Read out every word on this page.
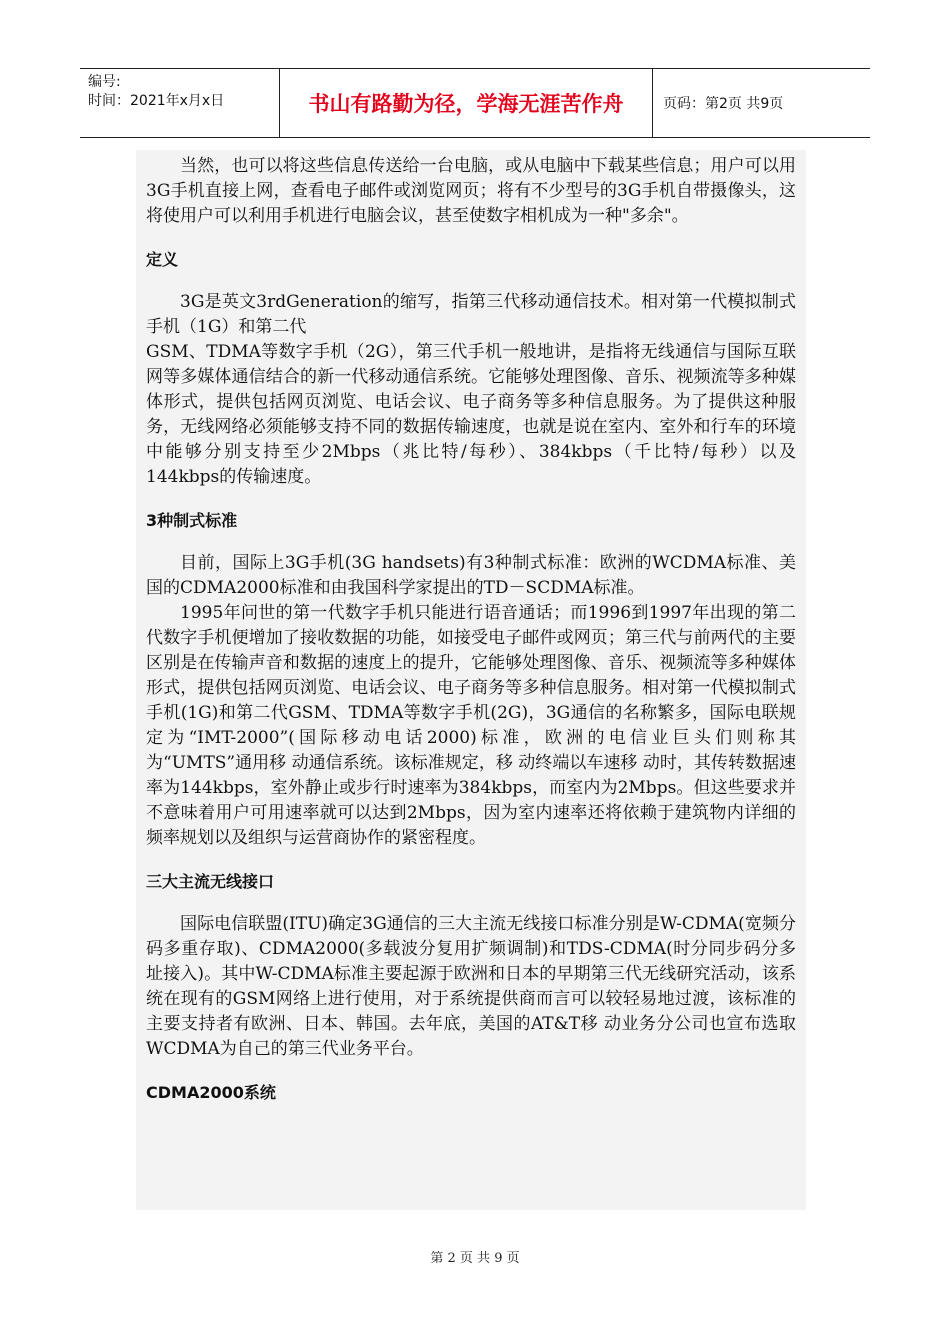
编号:
时间：2021年x月x日	书山有路勤为径，学海无涯苦作舟	页码：第2页 共9页

当然，也可以将这些信息传送给一台电脑，或从电脑中下载某些信息；用户可以用3G手机直接上网，查看电子邮件或浏览网页；将有不少型号的3G手机自带摄像头，这将使用户可以利用手机进行电脑会议，甚至使数字相机成为一种"多余"。

定义

3G是英文3rdGeneration的缩写，指第三代移动通信技术。相对第一代模拟制式手机（1G）和第二代

GSM、TDMA等数字手机（2G），第三代手机一般地讲，是指将无线通信与国际互联网等多媒体通信结合的新一代移动通信系统。它能够处理图像、音乐、视频流等多种媒体形式，提供包括网页浏览、电话会议、电子商务等多种信息服务。为了提供这种服务，无线网络必须能够支持不同的数据传输速度，也就是说在室内、室外和行车的环境中能够分别支持至少2Mbps（兆比特/每秒）、384kbps（千比特/每秒）以及144kbps的传输速度。

3种制式标准

目前，国际上3G手机(3G handsets)有3种制式标准：欧洲的WCDMA标准、美国的CDMA2000标准和由我国科学家提出的TD－SCDMA标准。

1995年问世的第一代数字手机只能进行语音通话；而1996到1997年出现的第二代数字手机便增加了接收数据的功能，如接受电子邮件或网页；第三代与前两代的主要区别是在传输声音和数据的速度上的提升，它能够处理图像、音乐、视频流等多种媒体形式，提供包括网页浏览、电话会议、电子商务等多种信息服务。相对第一代模拟制式手机(1G)和第二代GSM、TDMA等数字手机(2G)，3G通信的名称繁多，国际电联规定为“IMT-2000”(国际移动电话2000)标准，欧洲的电信业巨头们则称其为“UMTS”通用移 动通信系统。该标准规定，移 动终端以车速移 动时，其传转数据速率为144kbps，室外静止或步行时速率为384kbps，而室内为2Mbps。但这些要求并不意味着用户可用速率就可以达到2Mbps，因为室内速率还将依赖于建筑物内详细的频率规划以及组织与运营商协作的紧密程度。

三大主流无线接口

国际电信联盟(ITU)确定3G通信的三大主流无线接口标准分别是W-CDMA(宽频分码多重存取)、CDMA2000(多载波分复用扩频调制)和TDS-CDMA(时分同步码分多址接入)。其中W-CDMA标准主要起源于欧洲和日本的早期第三代无线研究活动，该系统在现有的GSM网络上进行使用，对于系统提供商而言可以较轻易地过渡，该标准的主要支持者有欧洲、日本、韩国。去年底，美国的AT&T移 动业务分公司也宣布选取WCDMA为自己的第三代业务平台。

CDMA2000系统
第 2 页 共 9 页
